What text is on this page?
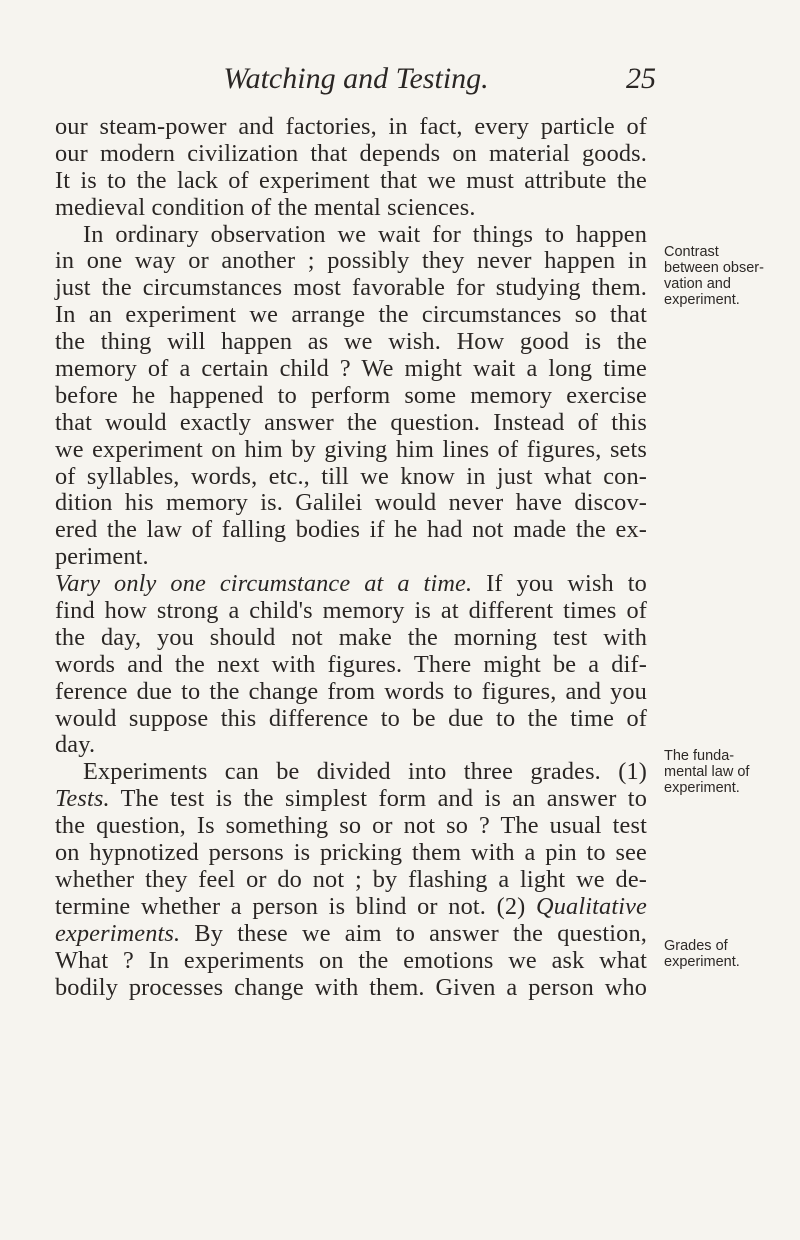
Watching and Testing.	25
our steam-power and factories, in fact, every particle of
our modern civilization that depends on material goods.
It is to the lack of experiment that we must attribute the
medieval condition of the mental sciences.
In ordinary observation we wait for things to happen
in one way or another ; possibly they never happen in
just the circumstances most favorable for studying them.
In an experiment we arrange the circumstances so that
the thing will happen as we wish. How good is the
memory of a certain child ? We might wait a long time
before he happened to perform some memory exercise
that would exactly answer the question. Instead of this
we experiment on him by giving him lines of figures, sets
of syllables, words, etc., till we know in just what con-
dition his memory is. Galilei would never have discov-
ered the law of falling bodies if he had not made the ex-
periment.
Vary only one circumstance at a time. If you wish to
find how strong a child's memory is at different times of
the day, you should not make the morning test with
words and the next with figures. There might be a dif-
ference due to the change from words to figures, and you
would suppose this difference to be due to the time of
day.
Experiments can be divided into three grades. (1)
Tests. The test is the simplest form and is an answer to
the question, Is something so or not so ? The usual test
on hypnotized persons is pricking them with a pin to see
whether they feel or do not ; by flashing a light we de-
termine whether a person is blind or not. (2) Qualitative
experiments. By these we aim to answer the question,
What ? In experiments on the emotions we ask what
bodily processes change with them. Given a person who
Contrast
between obser-
vation and
experiment.
The funda-
mental law of
experiment.
Grades of
experiment.
